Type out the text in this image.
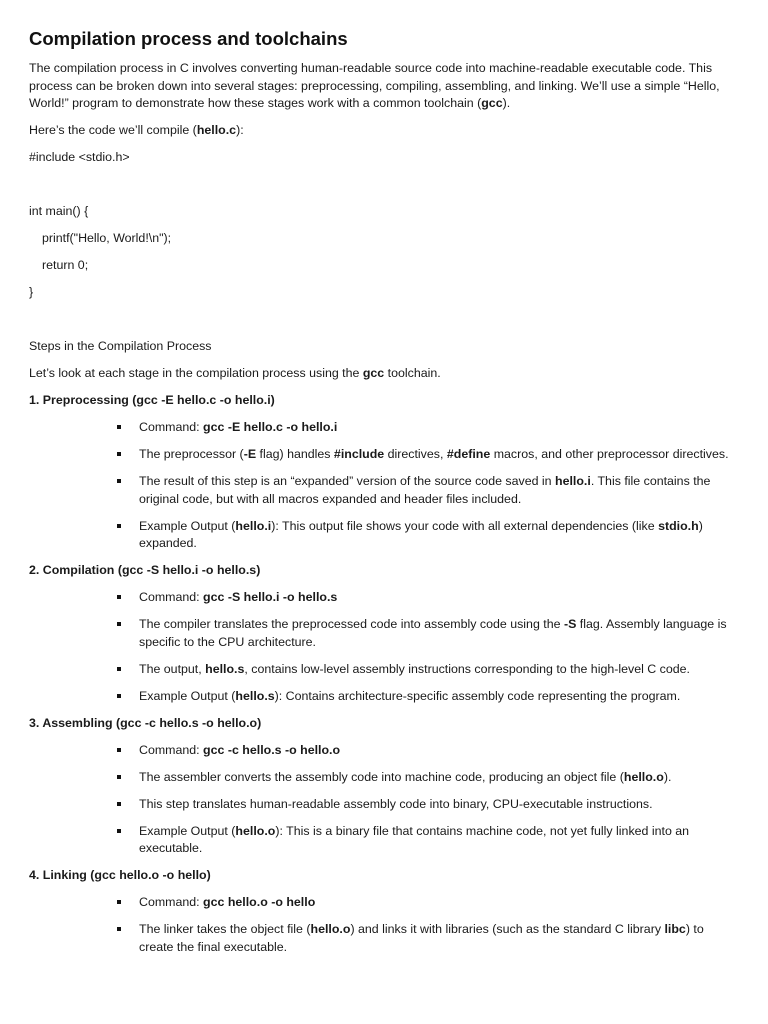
Compilation process and toolchains

The compilation process in C involves converting human-readable source code into machine-readable executable code. This process can be broken down into several stages: preprocessing, compiling, assembling, and linking. We’ll use a simple “Hello, World!” program to demonstrate how these stages work with a common toolchain (gcc).

Here’s the code we’ll compile (hello.c):

#include <stdio.h>
int main() {
printf("Hello, World!\n");
return 0;
}

Steps in the Compilation Process

Let’s look at each stage in the compilation process using the gcc toolchain.

1. Preprocessing (gcc -E hello.c -o hello.i)
Command: gcc -E hello.c -o hello.i
The preprocessor (-E flag) handles #include directives, #define macros, and other preprocessor directives.
The result of this step is an “expanded” version of the source code saved in hello.i. This file contains the original code, but with all macros expanded and header files included.
Example Output (hello.i): This output file shows your code with all external dependencies (like stdio.h) expanded.
2. Compilation (gcc -S hello.i -o hello.s)
Command: gcc -S hello.i -o hello.s
The compiler translates the preprocessed code into assembly code using the -S flag. Assembly language is specific to the CPU architecture.
The output, hello.s, contains low-level assembly instructions corresponding to the high-level C code.
Example Output (hello.s): Contains architecture-specific assembly code representing the program.
3. Assembling (gcc -c hello.s -o hello.o)
Command: gcc -c hello.s -o hello.o
The assembler converts the assembly code into machine code, producing an object file (hello.o).
This step translates human-readable assembly code into binary, CPU-executable instructions.
Example Output (hello.o): This is a binary file that contains machine code, not yet fully linked into an executable.
4. Linking (gcc hello.o -o hello)
Command: gcc hello.o -o hello
The linker takes the object file (hello.o) and links it with libraries (such as the standard C library libc) to create the final executable.
